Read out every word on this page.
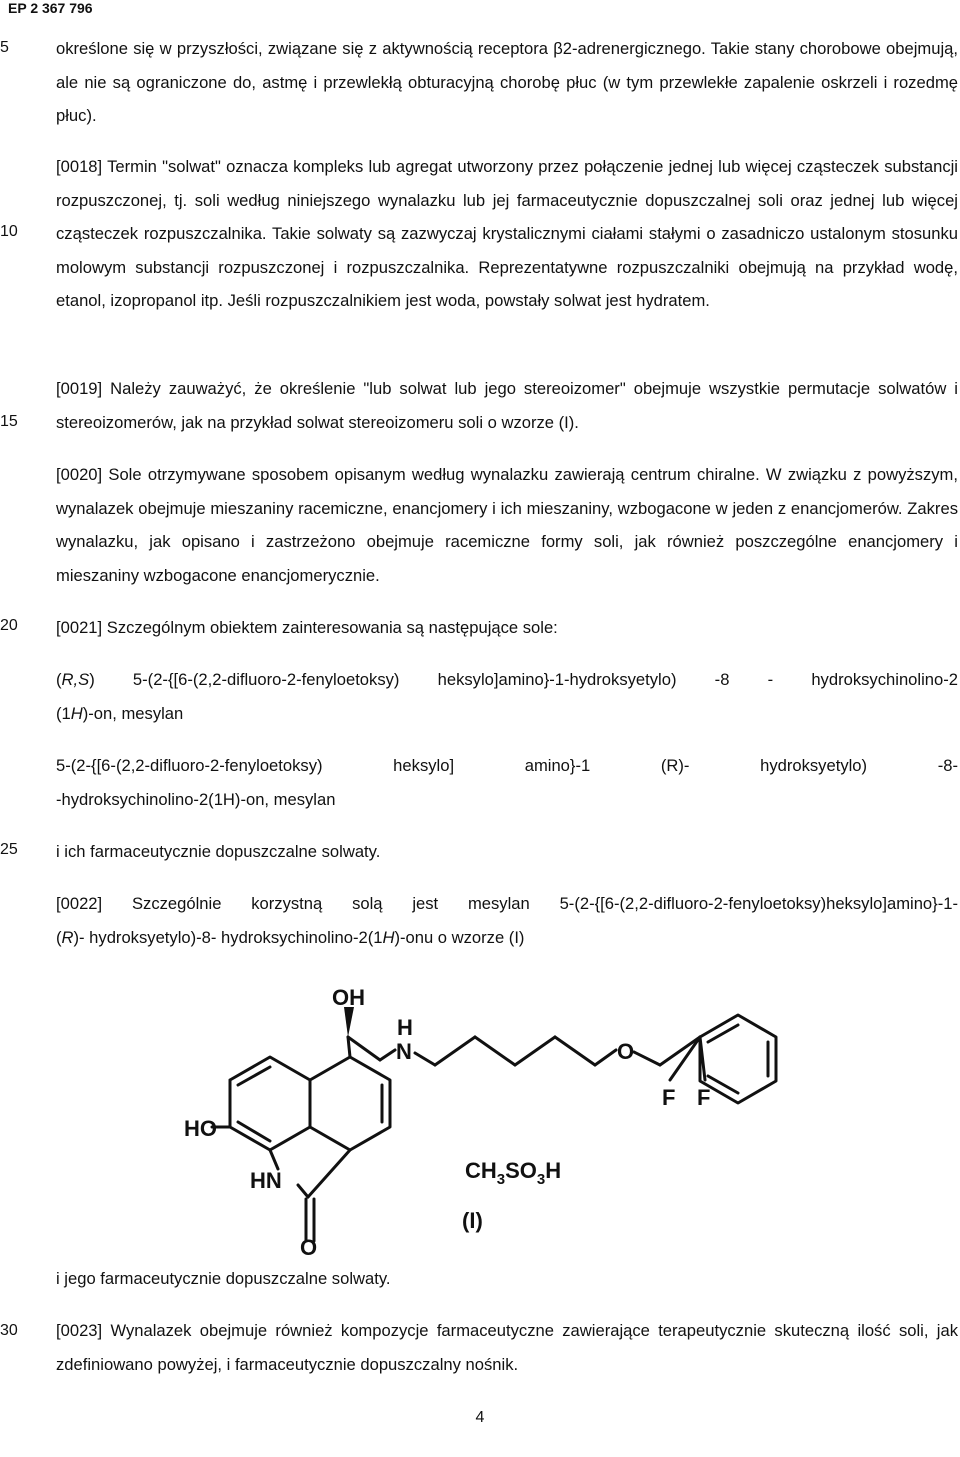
EP 2 367 796
5
10
15
20
25
30

określone się w przyszłości, związane się z aktywnością receptora β2-adrenergicznego. Takie stany chorobowe obejmują, ale nie są ograniczone do, astmę i przewlekłą obturacyjną chorobę płuc (w tym przewlekłe zapalenie oskrzeli i rozedmę płuc).

[0018] Termin "solwat" oznacza kompleks lub agregat utworzony przez połączenie jednej lub więcej cząsteczek substancji rozpuszczonej, tj. soli według niniejszego wynalazku lub jej farmaceutycznie dopuszczalnej soli oraz jednej lub więcej cząsteczek rozpuszczalnika. Takie solwaty są zazwyczaj krystalicznymi ciałami stałymi o zasadniczo ustalonym stosunku molowym substancji rozpuszczonej i rozpuszczalnika. Reprezentatywne rozpuszczalniki obejmują na przykład wodę, etanol, izopropanol itp. Jeśli rozpuszczalnikiem jest woda, powstały solwat jest hydratem.

[0019] Należy zauważyć, że określenie "lub solwat lub jego stereoizomer" obejmuje wszystkie permutacje solwatów i stereoizomerów, jak na przykład solwat stereoizomeru soli o wzorze (I).

[0020] Sole otrzymywane sposobem opisanym według wynalazku zawierają centrum chiralne. W związku z powyższym, wynalazek obejmuje mieszaniny racemiczne, enancjomery i ich mieszaniny, wzbogacone w jeden z enancjomerów. Zakres wynalazku, jak opisano i zastrzeżono obejmuje racemiczne formy soli, jak również poszczególne enancjomery i mieszaniny wzbogacone enancjomerycznie.

[0021] Szczególnym obiektem zainteresowania są następujące sole:

(R,S) 5-(2-{[6-(2,2-difluoro-2-fenyloetoksy) heksylo]amino}-1-hydroksyetylo) -8 - hydroksychinolino-2
(1H)-on, mesylan
5-(2-{[6-(2,2-difluoro-2-fenyloetoksy) heksylo] amino}-1 (R)- hydroksyetylo) -8-
-hydroksychinolino-2(1H)-on, mesylan

i ich farmaceutycznie dopuszczalne solwaty.

[0022] Szczególnie korzystną solą jest mesylan 5-(2-{[6-(2,2-difluoro-2-fenyloetoksy)heksylo]amino}-1-
(R)- hydroksyetylo)-8- hydroksychinolino-2(1H)-onu o wzorze (I)
OH
H
N	O
F F
HO
HN
O
$CH_3SO_3H$
(I)

i jego farmaceutycznie dopuszczalne solwaty.

[0023] Wynalazek obejmuje również kompozycje farmaceutyczne zawierające terapeutycznie skuteczną ilość soli, jak zdefiniowano powyżej, i farmaceutycznie dopuszczalny nośnik.

4
